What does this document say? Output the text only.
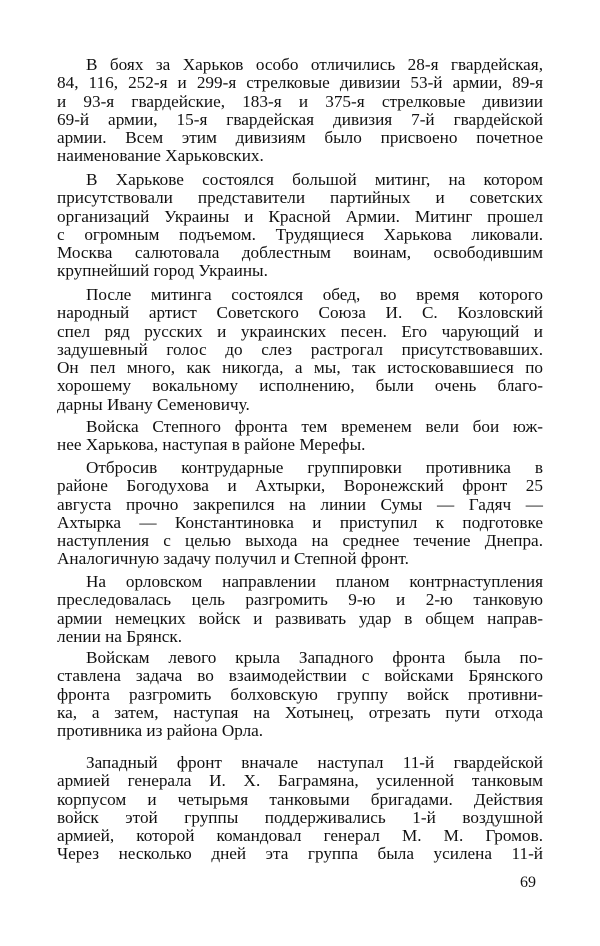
В боях за Харьков особо отличились 28-я гвардейская,
84, 116, 252-я и 299-я стрелковые дивизии 53-й армии, 89-я
и 93-я гвардейские, 183-я и 375-я стрелковые дивизии
69-й армии, 15-я гвардейская дивизия 7-й гвардейской
армии. Всем этим дивизиям было присвоено почетное
наименование Харьковских.
В Харькове состоялся большой митинг, на котором
присутствовали представители партийных и советских
организаций Украины и Красной Армии. Митинг прошел
с огромным подъемом. Трудящиеся Харькова ликовали.
Москва салютовала доблестным воинам, освободившим
крупнейший город Украины.
После митинга состоялся обед, во время которого
народный артист Советского Союза И. С. Козловский
спел ряд русских и украинских песен. Его чарующий и
задушевный голос до слез растрогал присутствовавших.
Он пел много, как никогда, а мы, так истосковавшиеся по
хорошему вокальному исполнению, были очень благо-
дарны Ивану Семеновичу.
Войска Степного фронта тем временем вели бои юж-
нее Харькова, наступая в районе Мерефы.
Отбросив контрударные группировки противника в
районе Богодухова и Ахтырки, Воронежский фронт 25
августа прочно закрепился на линии Сумы — Гадяч —
Ахтырка — Константиновка и приступил к подготовке
наступления с целью выхода на среднее течение Днепра.
Аналогичную задачу получил и Степной фронт.
На орловском направлении планом контрнаступления
преследовалась цель разгромить 9-ю и 2-ю танковую
армии немецких войск и развивать удар в общем направ-
лении на Брянск.
Войскам левого крыла Западного фронта была по-
ставлена задача во взаимодействии с войсками Брянского
фронта разгромить болховскую группу войск противни-
ка, а затем, наступая на Хотынец, отрезать пути отхода
противника из района Орла.
Западный фронт вначале наступал 11-й гвардейской
армией генерала И. Х. Баграмяна, усиленной танковым
корпусом и четырьмя танковыми бригадами. Действия
войск этой группы поддерживались 1-й воздушной
армией, которой командовал генерал М. М. Громов.
Через несколько дней эта группа была усилена 11-й
69
